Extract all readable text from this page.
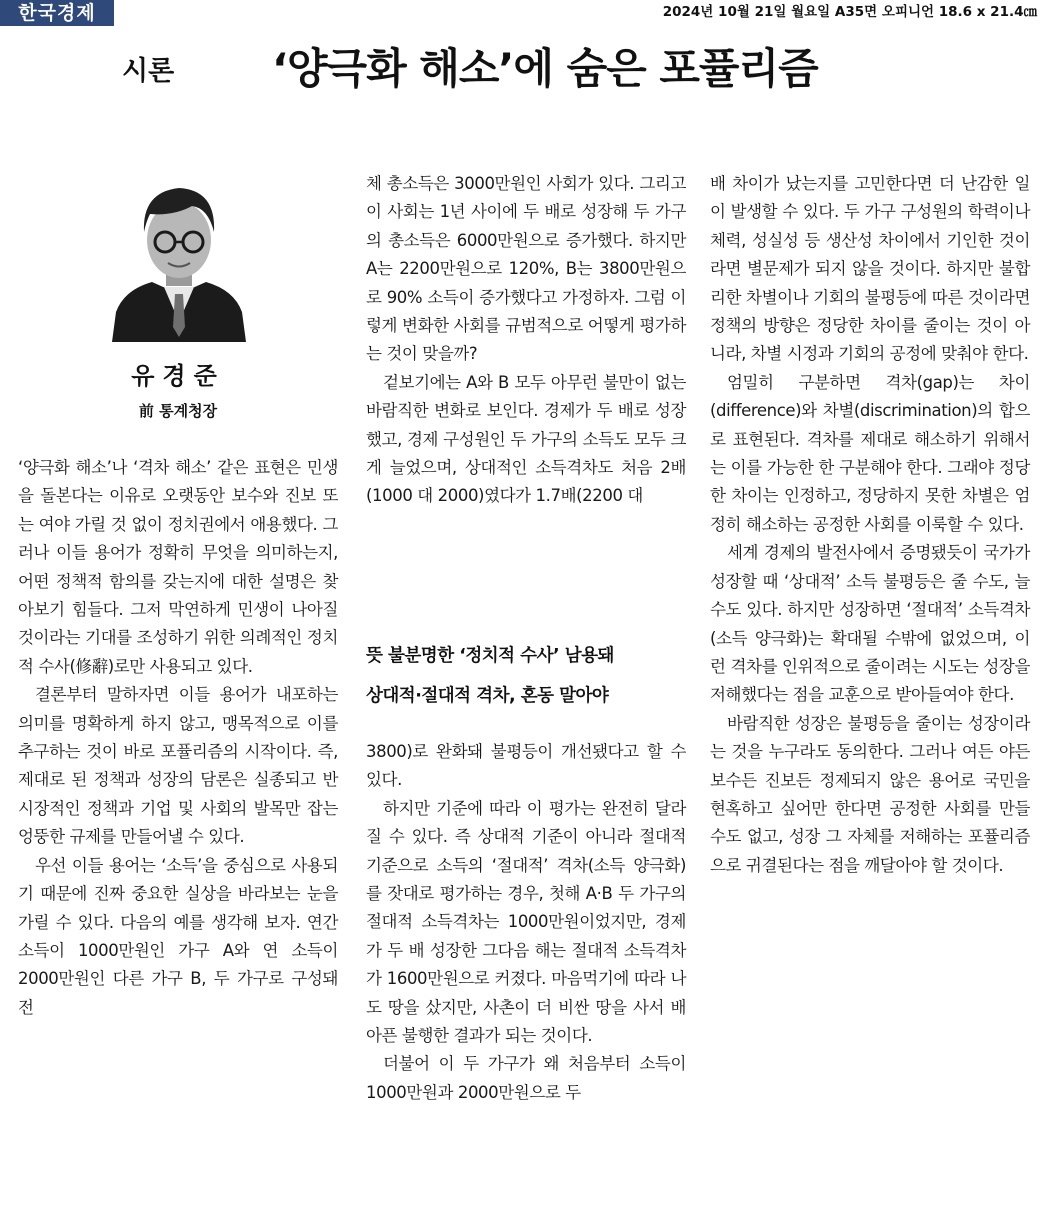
한국경제	2024년 10월 21일 월요일 A35면 오피니언 18.6 x 21.4㎝
시론 ‘양극화 해소’에 숨은 포퓰리즘
유경준
前 통계청장

‘양극화 해소’나 ‘격차 해소’ 같은 표현은 민생을 돌본다는 이유로 오랫동안 보수와 진보 또는 여야 가릴 것 없이 정치권에서 애용했다. 그러나 이들 용어가 정확히 무엇을 의미하는지, 어떤 정책적 함의를 갖는지에 대한 설명은 찾아보기 힘들다. 그저 막연하게 민생이 나아질 것이라는 기대를 조성하기 위한 의례적인 정치적 수사(修辭)로만 사용되고 있다.

결론부터 말하자면 이들 용어가 내포하는 의미를 명확하게 하지 않고, 맹목적으로 이를 추구하는 것이 바로 포퓰리즘의 시작이다. 즉, 제대로 된 정책과 성장의 담론은 실종되고 반시장적인 정책과 기업 및 사회의 발목만 잡는 엉뚱한 규제를 만들어낼 수 있다.

우선 이들 용어는 ‘소득’을 중심으로 사용되기 때문에 진짜 중요한 실상을 바라보는 눈을 가릴 수 있다. 다음의 예를 생각해 보자. 연간 소득이 1000만원인 가구 A와 연 소득이 2000만원인 다른 가구 B, 두 가구로 구성돼 전

체 총소득은 3000만원인 사회가 있다. 그리고 이 사회는 1년 사이에 두 배로 성장해 두 가구의 총소득은 6000만원으로 증가했다. 하지만 A는 2200만원으로 120%, B는 3800만원으로 90% 소득이 증가했다고 가정하자. 그럼 이렇게 변화한 사회를 규범적으로 어떻게 평가하는 것이 맞을까?

겉보기에는 A와 B 모두 아무런 불만이 없는 바람직한 변화로 보인다. 경제가 두 배로 성장했고, 경제 구성원인 두 가구의 소득도 모두 크게 늘었으며, 상대적인 소득격차도 처음 2배(1000 대 2000)였다가 1.7배(2200 대

뜻 불분명한 ‘정치적 수사’ 남용돼
상대적·절대적 격차, 혼동 말아야

3800)로 완화돼 불평등이 개선됐다고 할 수 있다.

하지만 기준에 따라 이 평가는 완전히 달라질 수 있다. 즉 상대적 기준이 아니라 절대적 기준으로 소득의 ‘절대적’ 격차(소득 양극화)를 잣대로 평가하는 경우, 첫해 A·B 두 가구의 절대적 소득격차는 1000만원이었지만, 경제가 두 배 성장한 그다음 해는 절대적 소득격차가 1600만원으로 커졌다. 마음먹기에 따라 나도 땅을 샀지만, 사촌이 더 비싼 땅을 사서 배 아픈 불행한 결과가 되는 것이다.

더불어 이 두 가구가 왜 처음부터 소득이 1000만원과 2000만원으로 두

배 차이가 났는지를 고민한다면 더 난감한 일이 발생할 수 있다. 두 가구 구성원의 학력이나 체력, 성실성 등 생산성 차이에서 기인한 것이라면 별문제가 되지 않을 것이다. 하지만 불합리한 차별이나 기회의 불평등에 따른 것이라면 정책의 방향은 정당한 차이를 줄이는 것이 아니라, 차별 시정과 기회의 공정에 맞춰야 한다.

엄밀히 구분하면 격차(gap)는 차이(difference)와 차별(discrimination)의 합으로 표현된다. 격차를 제대로 해소하기 위해서는 이를 가능한 한 구분해야 한다. 그래야 정당한 차이는 인정하고, 정당하지 못한 차별은 엄정히 해소하는 공정한 사회를 이룩할 수 있다.

세계 경제의 발전사에서 증명됐듯이 국가가 성장할 때 ‘상대적’ 소득 불평등은 줄 수도, 늘 수도 있다. 하지만 성장하면 ‘절대적’ 소득격차(소득 양극화)는 확대될 수밖에 없었으며, 이런 격차를 인위적으로 줄이려는 시도는 성장을 저해했다는 점을 교훈으로 받아들여야 한다.

바람직한 성장은 불평등을 줄이는 성장이라는 것을 누구라도 동의한다. 그러나 여든 야든 보수든 진보든 정제되지 않은 용어로 국민을 현혹하고 싶어만 한다면 공정한 사회를 만들 수도 없고, 성장 그 자체를 저해하는 포퓰리즘으로 귀결된다는 점을 깨달아야 할 것이다.
